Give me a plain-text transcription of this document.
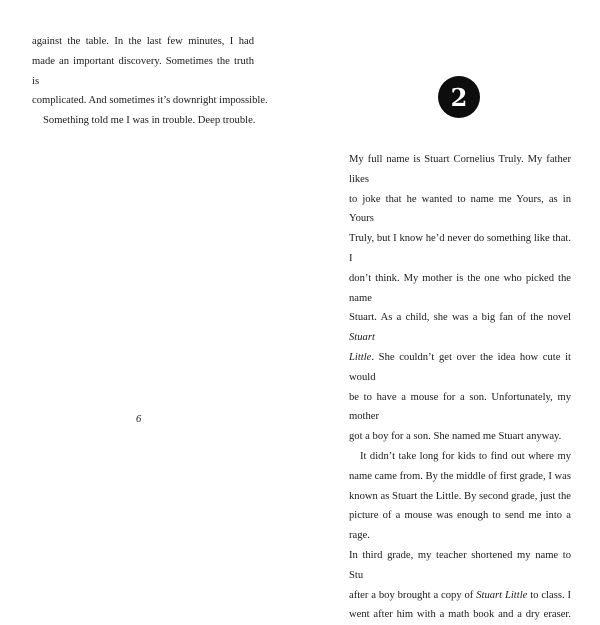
against the table. In the last few minutes, I had
made an important discovery. Sometimes the truth is
complicated. And sometimes it’s downright impossible.
Something told me I was in trouble. Deep trouble.
6
2
My full name is Stuart Cornelius Truly. My father likes
to joke that he wanted to name me Yours, as in Yours
Truly, but I know he’d never do something like that. I
don’t think. My mother is the one who picked the name
Stuart. As a child, she was a big fan of the novel Stuart
Little. She couldn’t get over the idea how cute it would
be to have a mouse for a son. Unfortunately, my mother
got a boy for a son. She named me Stuart anyway.
It didn’t take long for kids to find out where my
name came from. By the middle of first grade, I was
known as Stuart the Little. By second grade, just the
picture of a mouse was enough to send me into a rage.
In third grade, my teacher shortened my name to Stu
after a boy brought a copy of Stuart Little to class. I
went after him with a math book and a dry eraser.
